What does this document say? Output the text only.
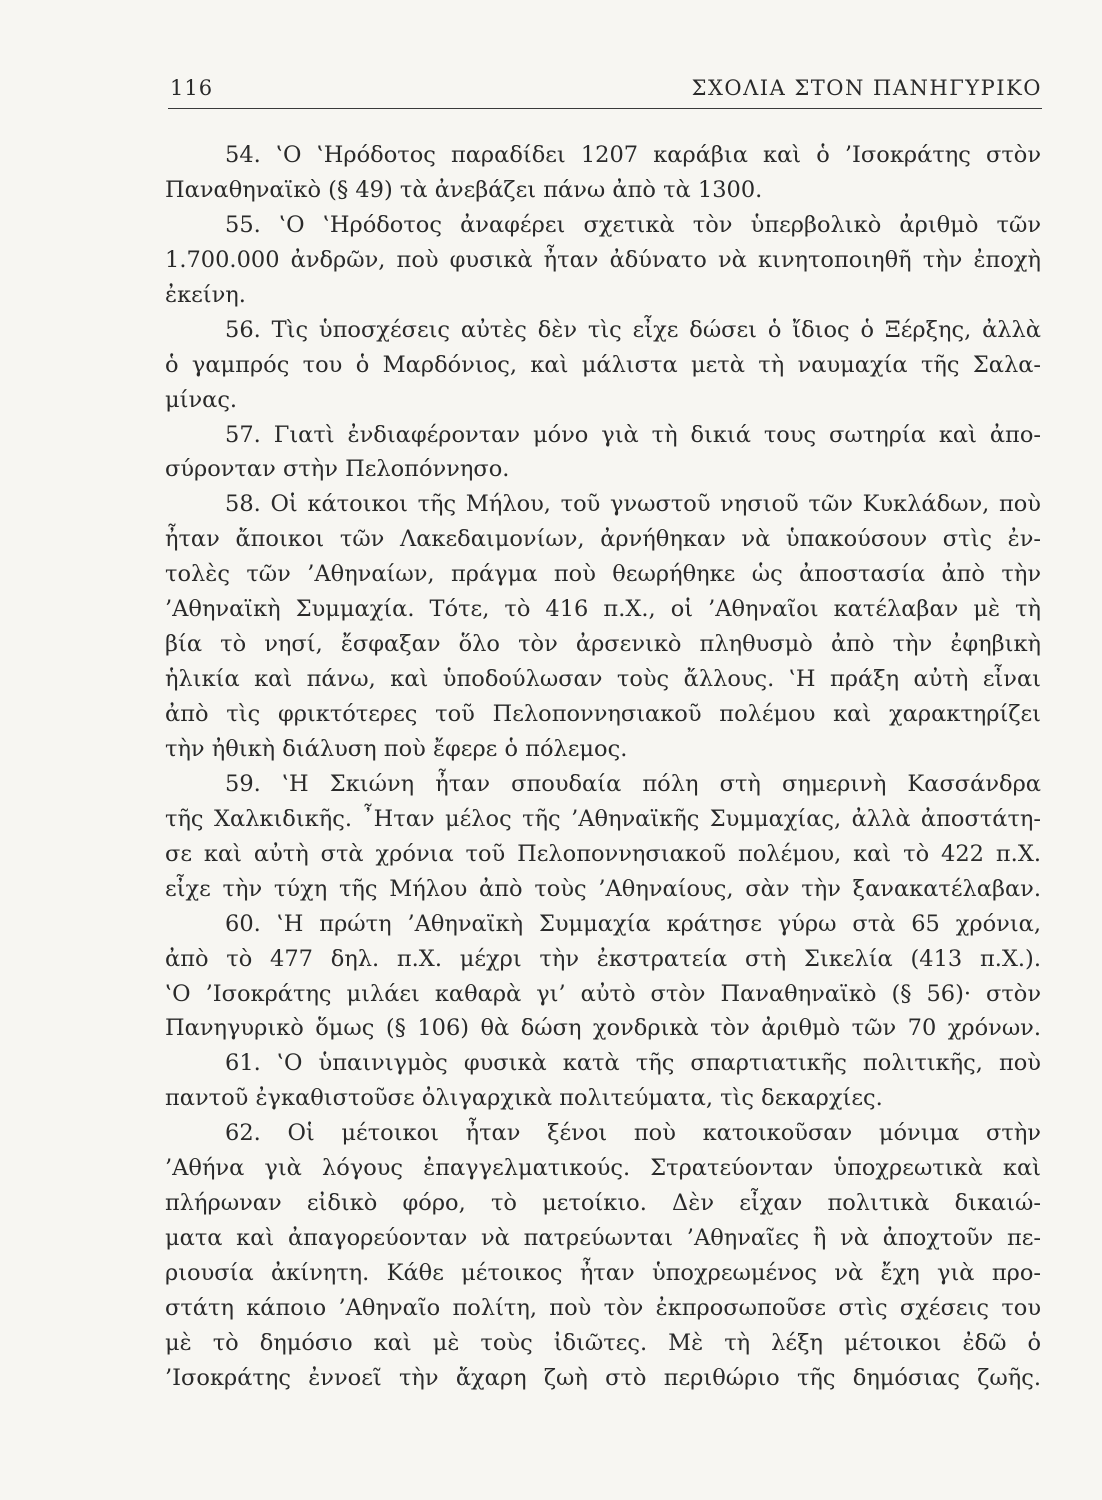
116	ΣΧΟΛΙΑ ΣΤΟΝ ΠΑΝΗΓΥΡΙΚΟ
54. ‛Ο ‛Ηρόδοτος παραδίδει 1207 καράβια καὶ ὁ ’Ισοκράτης στὸν
Παναθηναϊκὸ (§ 49) τὰ ἀνεβάζει πάνω ἀπὸ τὰ 1300.
55. ‛Ο ‛Ηρόδοτος ἀναφέρει σχετικὰ τὸν ὑπερβολικὸ ἀριθμὸ τῶν
1.700.000 ἀνδρῶν, ποὺ φυσικὰ ἦταν ἀδύνατο νὰ κινητοποιηθῆ τὴν ἐποχὴ
ἐκείνη.
56. Τὶς ὑποσχέσεις αὐτὲς δὲν τὶς εἶχε δώσει ὁ ἴδιος ὁ Ξέρξης, ἀλλὰ
ὁ γαμπρός του ὁ Μαρδόνιος, καὶ μάλιστα μετὰ τὴ ναυμαχία τῆς Σαλα-
μίνας.
57. Γιατὶ ἐνδιαφέρονταν μόνο γιὰ τὴ δικιά τους σωτηρία καὶ ἀπο-
σύρονταν στὴν Πελοπόννησο.
58. Οἱ κάτοικοι τῆς Μήλου, τοῦ γνωστοῦ νησιοῦ τῶν Κυκλάδων, ποὺ
ἦταν ἄποικοι τῶν Λακεδαιμονίων, ἀρνήθηκαν νὰ ὑπακούσουν στὶς ἐν-
τολὲς τῶν ’Αθηναίων, πράγμα ποὺ θεωρήθηκε ὡς ἀποστασία ἀπὸ τὴν
’Αθηναϊκὴ Συμμαχία. Τότε, τὸ 416 π.Χ., οἱ ’Αθηναῖοι κατέλαβαν μὲ τὴ
βία τὸ νησί, ἔσφαξαν ὅλο τὸν ἀρσενικὸ πληθυσμὸ ἀπὸ τὴν ἐφηβικὴ
ἡλικία καὶ πάνω, καὶ ὑποδούλωσαν τοὺς ἄλλους. ‛Η πράξη αὐτὴ εἶναι
ἀπὸ τὶς φρικτότερες τοῦ Πελοποννησιακοῦ πολέμου καὶ χαρακτηρίζει
τὴν ἠθικὴ διάλυση ποὺ ἔφερε ὁ πόλεμος.
59. ‛Η Σκιώνη ἦταν σπουδαία πόλη στὴ σημερινὴ Κασσάνδρα
τῆς Χαλκιδικῆς. ῏Ηταν μέλος τῆς ’Αθηναϊκῆς Συμμαχίας, ἀλλὰ ἀποστάτη-
σε καὶ αὐτὴ στὰ χρόνια τοῦ Πελοποννησιακοῦ πολέμου, καὶ τὸ 422 π.Χ.
εἶχε τὴν τύχη τῆς Μήλου ἀπὸ τοὺς ’Αθηναίους, σὰν τὴν ξανακατέλαβαν.
60. ‛Η πρώτη ’Αθηναϊκὴ Συμμαχία κράτησε γύρω στὰ 65 χρόνια,
ἀπὸ τὸ 477 δηλ. π.Χ. μέχρι τὴν ἐκστρατεία στὴ Σικελία (413 π.Χ.).
‛Ο ’Ισοκράτης μιλάει καθαρὰ γι’ αὐτὸ στὸν Παναθηναϊκὸ (§ 56)· στὸν
Πανηγυρικὸ ὅμως (§ 106) θὰ δώση χονδρικὰ τὸν ἀριθμὸ τῶν 70 χρόνων.
61. ‛Ο ὑπαινιγμὸς φυσικὰ κατὰ τῆς σπαρτιατικῆς πολιτικῆς, ποὺ
παντοῦ ἐγκαθιστοῦσε ὀλιγαρχικὰ πολιτεύματα, τὶς δεκαρχίες.
62. Οἱ μέτοικοι ἦταν ξένοι ποὺ κατοικοῦσαν μόνιμα στὴν
’Αθήνα γιὰ λόγους ἐπαγγελματικούς. Στρατεύονταν ὑποχρεωτικὰ καὶ
πλήρωναν εἰδικὸ φόρο, τὸ μετοίκιο. Δὲν εἶχαν πολιτικὰ δικαιώ-
ματα καὶ ἀπαγορεύονταν νὰ πατρεύωνται ’Αθηναῖες ἢ νὰ ἀποχτοῦν πε-
ριουσία ἀκίνητη. Κάθε μέτοικος ἦταν ὑποχρεωμένος νὰ ἔχη γιὰ προ-
στάτη κάποιο ’Αθηναῖο πολίτη, ποὺ τὸν ἐκπροσωποῦσε στὶς σχέσεις του
μὲ τὸ δημόσιο καὶ μὲ τοὺς ἰδιῶτες. Μὲ τὴ λέξη μέτοικοι ἐδῶ ὁ
’Ισοκράτης ἐννοεῖ τὴν ἄχαρη ζωὴ στὸ περιθώριο τῆς δημόσιας ζωῆς.
